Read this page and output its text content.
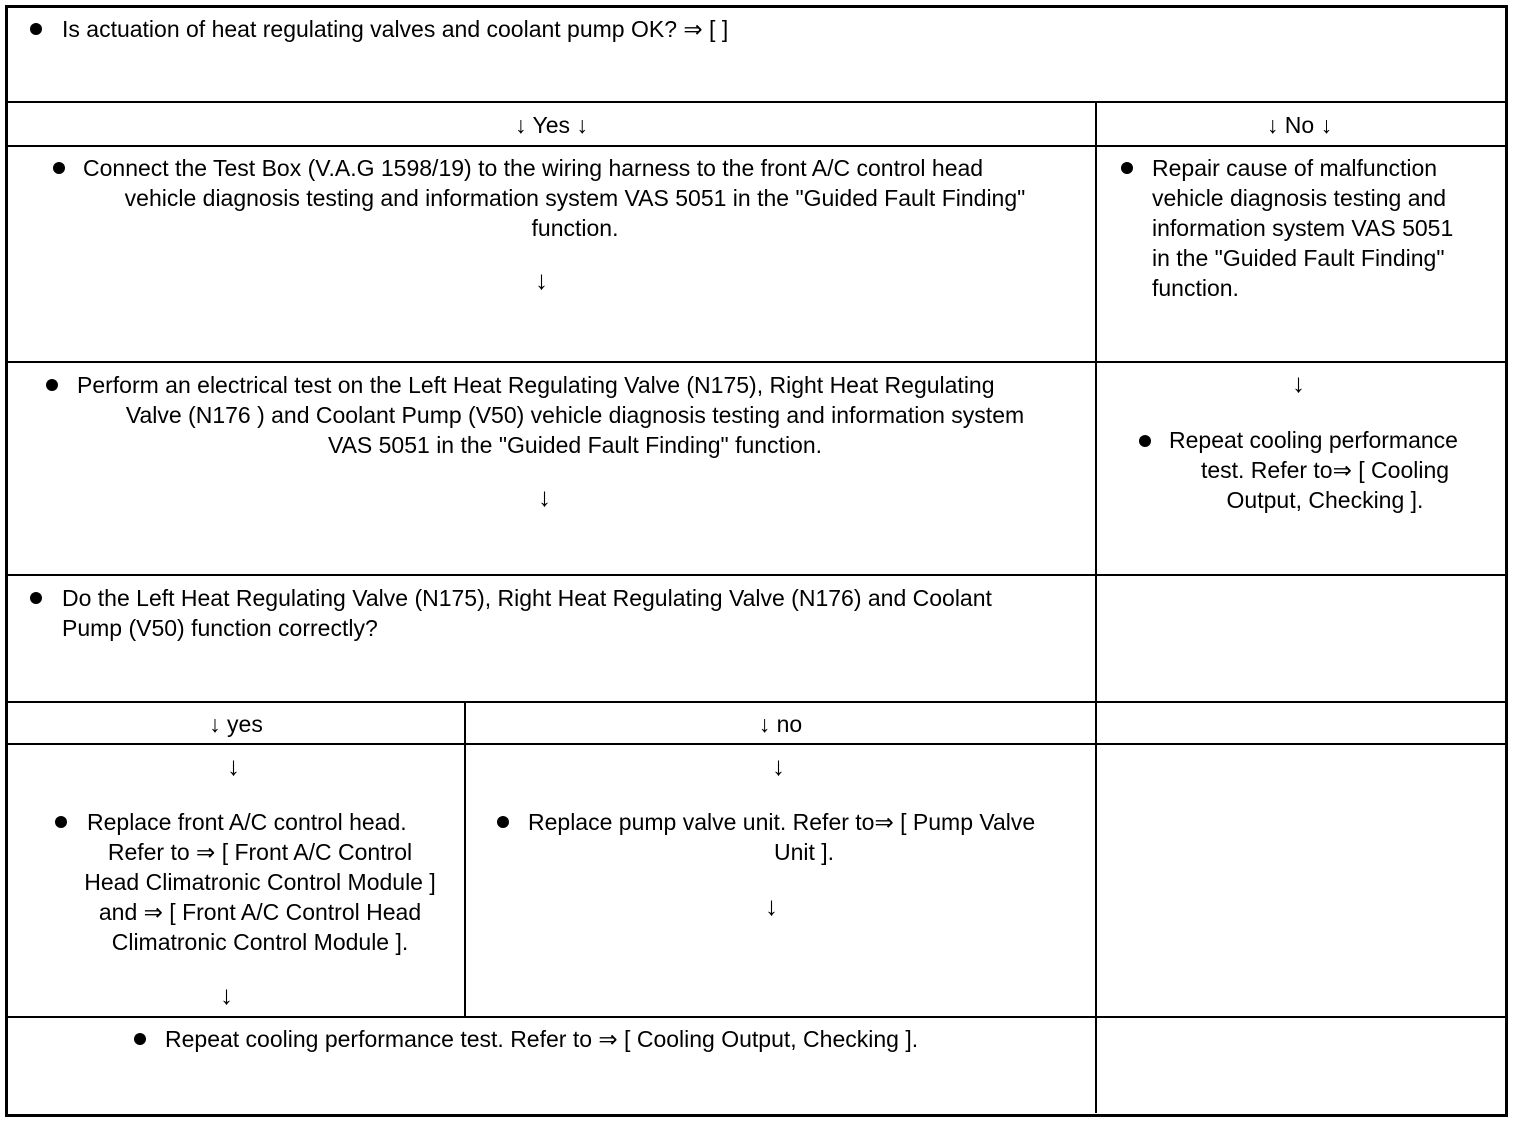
Is actuation of heat regulating valves and coolant pump OK? ⇒ [ ]
↓ Yes ↓	↓ No ↓
Connect the Test Box (V.A.G 1598/19) to the wiring harness to the front A/C control head
vehicle diagnosis testing and information system VAS 5051 in the "Guided Fault Finding"
function.
↓
Repair cause of malfunction
vehicle diagnosis testing and
information system VAS 5051
in the "Guided Fault Finding"
function.
Perform an electrical test on the Left Heat Regulating Valve (N175), Right Heat Regulating
Valve (N176 ) and Coolant Pump (V50) vehicle diagnosis testing and information system
VAS 5051 in the "Guided Fault Finding" function.
↓
↓
Repeat cooling performance
test. Refer to⇒ [ Cooling
Output, Checking ].
Do the Left Heat Regulating Valve (N175), Right Heat Regulating Valve (N176) and Coolant
Pump (V50) function correctly?
↓ yes	↓ no
↓
Replace front A/C control head.
Refer to ⇒ [ Front A/C Control
Head Climatronic Control Module ]
and ⇒ [ Front A/C Control Head
Climatronic Control Module ].
↓
↓
Replace pump valve unit. Refer to⇒ [ Pump Valve
Unit ].
↓
Repeat cooling performance test. Refer to ⇒ [ Cooling Output, Checking ].
